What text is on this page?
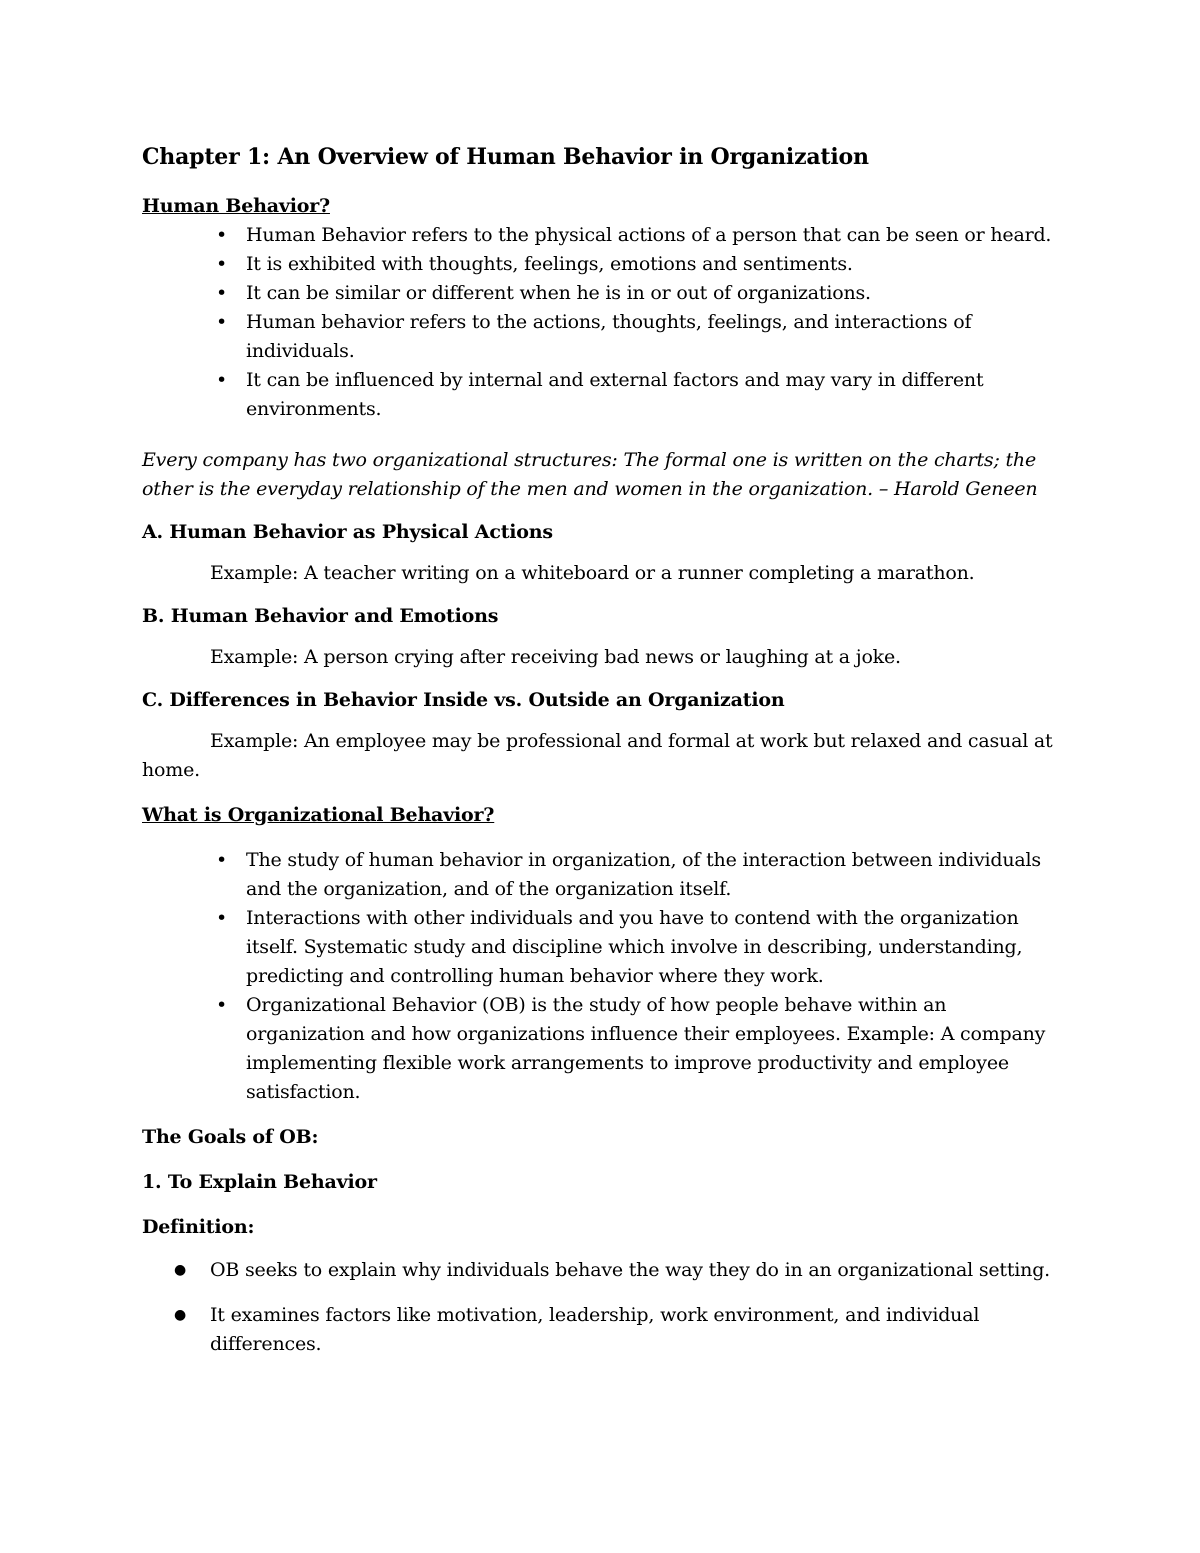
Chapter 1: An Overview of Human Behavior in Organization
Human Behavior?
• Human Behavior refers to the physical actions of a person that can be seen or heard.
• It is exhibited with thoughts, feelings, emotions and sentiments.
• It can be similar or different when he is in or out of organizations.
• Human behavior refers to the actions, thoughts, feelings, and interactions of individuals.
• It can be influenced by internal and external factors and may vary in different environments.
Every company has two organizational structures: The formal one is written on the charts; the other is the everyday relationship of the men and women in the organization. – Harold Geneen
A. Human Behavior as Physical Actions
Example: A teacher writing on a whiteboard or a runner completing a marathon.
B. Human Behavior and Emotions
Example: A person crying after receiving bad news or laughing at a joke.
C. Differences in Behavior Inside vs. Outside an Organization
Example: An employee may be professional and formal at work but relaxed and casual at home.
What is Organizational Behavior?
• The study of human behavior in organization, of the interaction between individuals and the organization, and of the organization itself.
• Interactions with other individuals and you have to contend with the organization itself. Systematic study and discipline which involve in describing, understanding, predicting and controlling human behavior where they work.
• Organizational Behavior (OB) is the study of how people behave within an organization and how organizations influence their employees. Example: A company implementing flexible work arrangements to improve productivity and employee satisfaction.
The Goals of OB:
1. To Explain Behavior
Definition:
● OB seeks to explain why individuals behave the way they do in an organizational setting.
● It examines factors like motivation, leadership, work environment, and individual differences.
